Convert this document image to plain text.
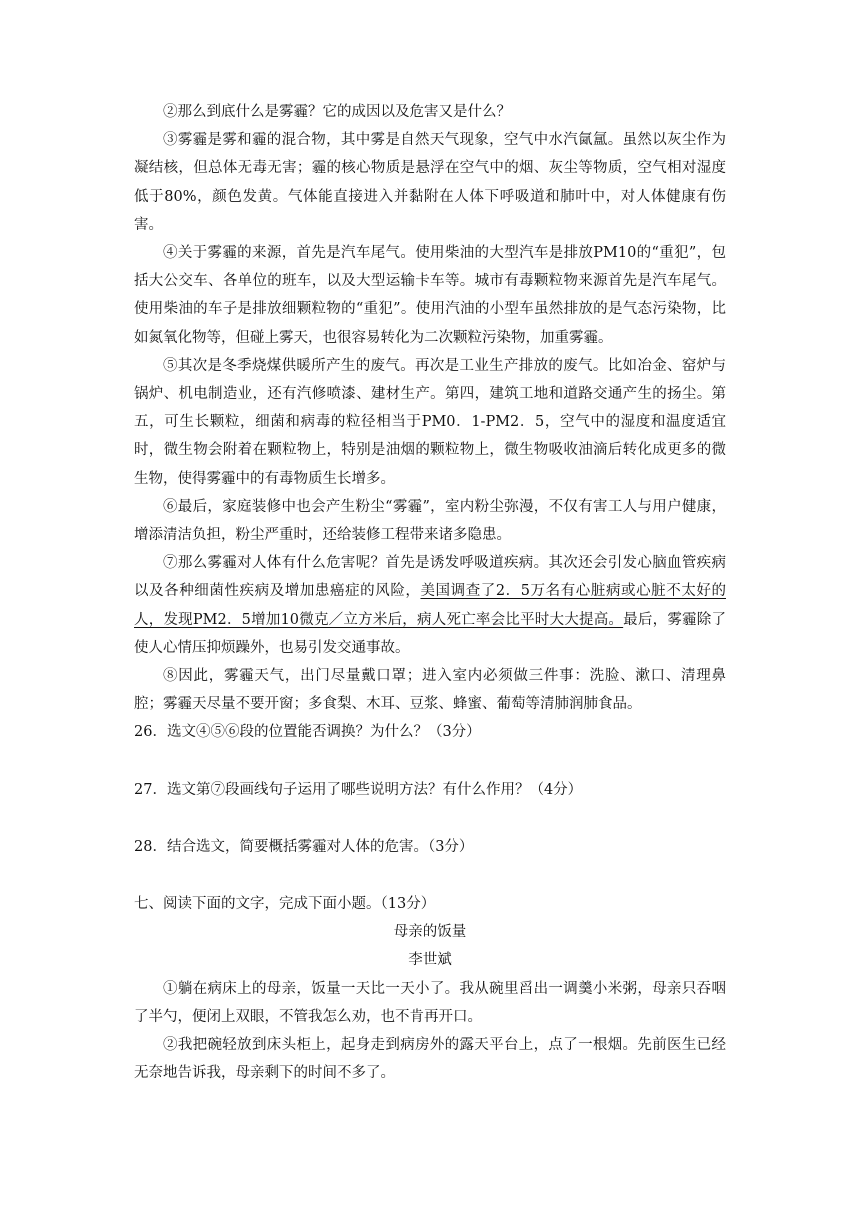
②那么到底什么是雾霾？它的成因以及危害又是什么？

③雾霾是雾和霾的混合物，其中雾是自然天气现象，空气中水汽氤氲。虽然以灰尘作为凝结核，但总体无毒无害；霾的核心物质是悬浮在空气中的烟、灰尘等物质，空气相对湿度低于80%，颜色发黄。气体能直接进入并黏附在人体下呼吸道和肺叶中，对人体健康有伤害。

④关于雾霾的来源，首先是汽车尾气。使用柴油的大型汽车是排放PM10的“重犯”，包括大公交车、各单位的班车，以及大型运输卡车等。城市有毒颗粒物来源首先是汽车尾气。使用柴油的车子是排放细颗粒物的“重犯”。使用汽油的小型车虽然排放的是气态污染物，比如氮氧化物等，但碰上雾天，也很容易转化为二次颗粒污染物，加重雾霾。

⑤其次是冬季烧煤供暖所产生的废气。再次是工业生产排放的废气。比如冶金、窑炉与锅炉、机电制造业，还有汽修喷漆、建材生产。第四，建筑工地和道路交通产生的扬尘。第五，可生长颗粒，细菌和病毒的粒径相当于PM0．1-PM2．5，空气中的湿度和温度适宜时，微生物会附着在颗粒物上，特别是油烟的颗粒物上，微生物吸收油滴后转化成更多的微生物，使得雾霾中的有毒物质生长增多。

⑥最后，家庭装修中也会产生粉尘“雾霾”，室内粉尘弥漫，不仅有害工人与用户健康，增添清洁负担，粉尘严重时，还给装修工程带来诸多隐患。

⑦那么雾霾对人体有什么危害呢？首先是诱发呼吸道疾病。其次还会引发心脑血管疾病以及各种细菌性疾病及增加患癌症的风险，美国调查了2．5万名有心脏病或心脏不太好的人，发现PM2．5增加10微克／立方米后，病人死亡率会比平时大大提高。最后，雾霾除了使人心情压抑烦躁外，也易引发交通事故。

⑧因此，雾霾天气，出门尽量戴口罩；进入室内必须做三件事：洗脸、漱口、清理鼻腔；雾霾天尽量不要开窗；多食梨、木耳、豆浆、蜂蜜、葡萄等清肺润肺食品。

26．选文④⑤⑥段的位置能否调换？为什么？（3分）

27．选文第⑦段画线句子运用了哪些说明方法？有什么作用？（4分）

28．结合选文，简要概括雾霾对人体的危害。（3分）

七、阅读下面的文字，完成下面小题。（13分）

母亲的饭量

李世斌

①躺在病床上的母亲，饭量一天比一天小了。我从碗里舀出一调羹小米粥，母亲只吞咽了半勺，便闭上双眼，不管我怎么劝，也不肯再开口。

②我把碗轻放到床头柜上，起身走到病房外的露天平台上，点了一根烟。先前医生已经无奈地告诉我，母亲剩下的时间不多了。
